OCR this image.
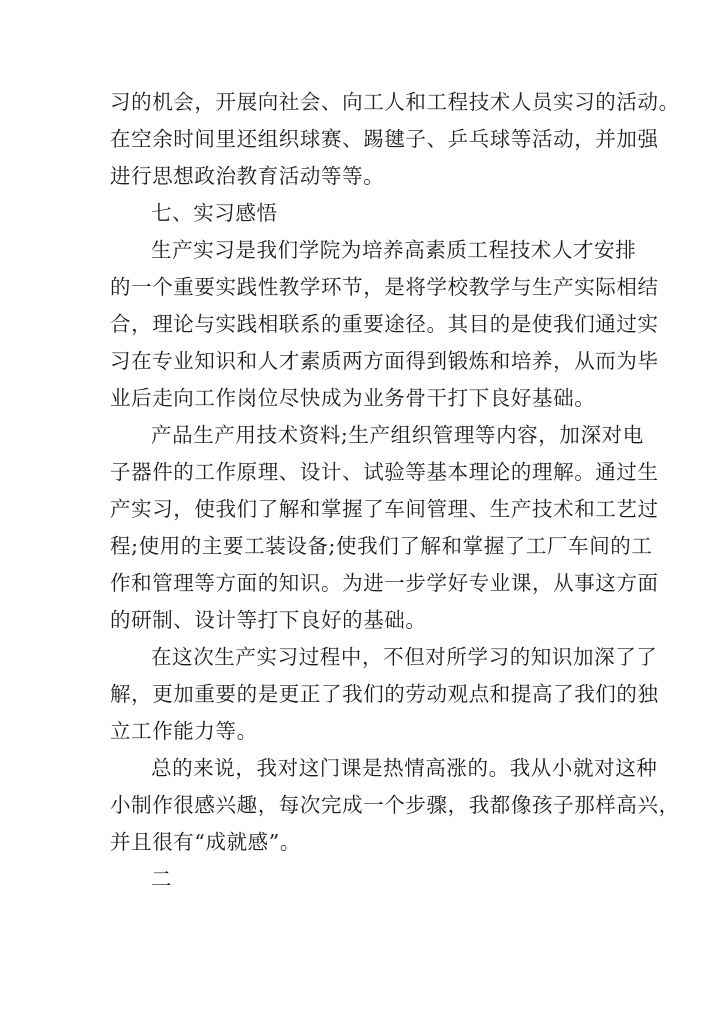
习的机会，开展向社会、向工人和工程技术人员实习的活动。
在空余时间里还组织球赛、踢毽子、乒乓球等活动，并加强
进行思想政治教育活动等等。
七、实习感悟
生产实习是我们学院为培养高素质工程技术人才安排
的一个重要实践性教学环节，是将学校教学与生产实际相结
合，理论与实践相联系的重要途径。其目的是使我们通过实
习在专业知识和人才素质两方面得到锻炼和培养，从而为毕
业后走向工作岗位尽快成为业务骨干打下良好基础。
产品生产用技术资料;生产组织管理等内容，加深对电
子器件的工作原理、设计、试验等基本理论的理解。通过生
产实习，使我们了解和掌握了车间管理、生产技术和工艺过
程;使用的主要工装设备;使我们了解和掌握了工厂车间的工
作和管理等方面的知识。为进一步学好专业课，从事这方面
的研制、设计等打下良好的基础。
在这次生产实习过程中，不但对所学习的知识加深了了
解，更加重要的是更正了我们的劳动观点和提高了我们的独
立工作能力等。
总的来说，我对这门课是热情高涨的。我从小就对这种
小制作很感兴趣，每次完成一个步骤，我都像孩子那样高兴，
并且很有“成就感”。
二
